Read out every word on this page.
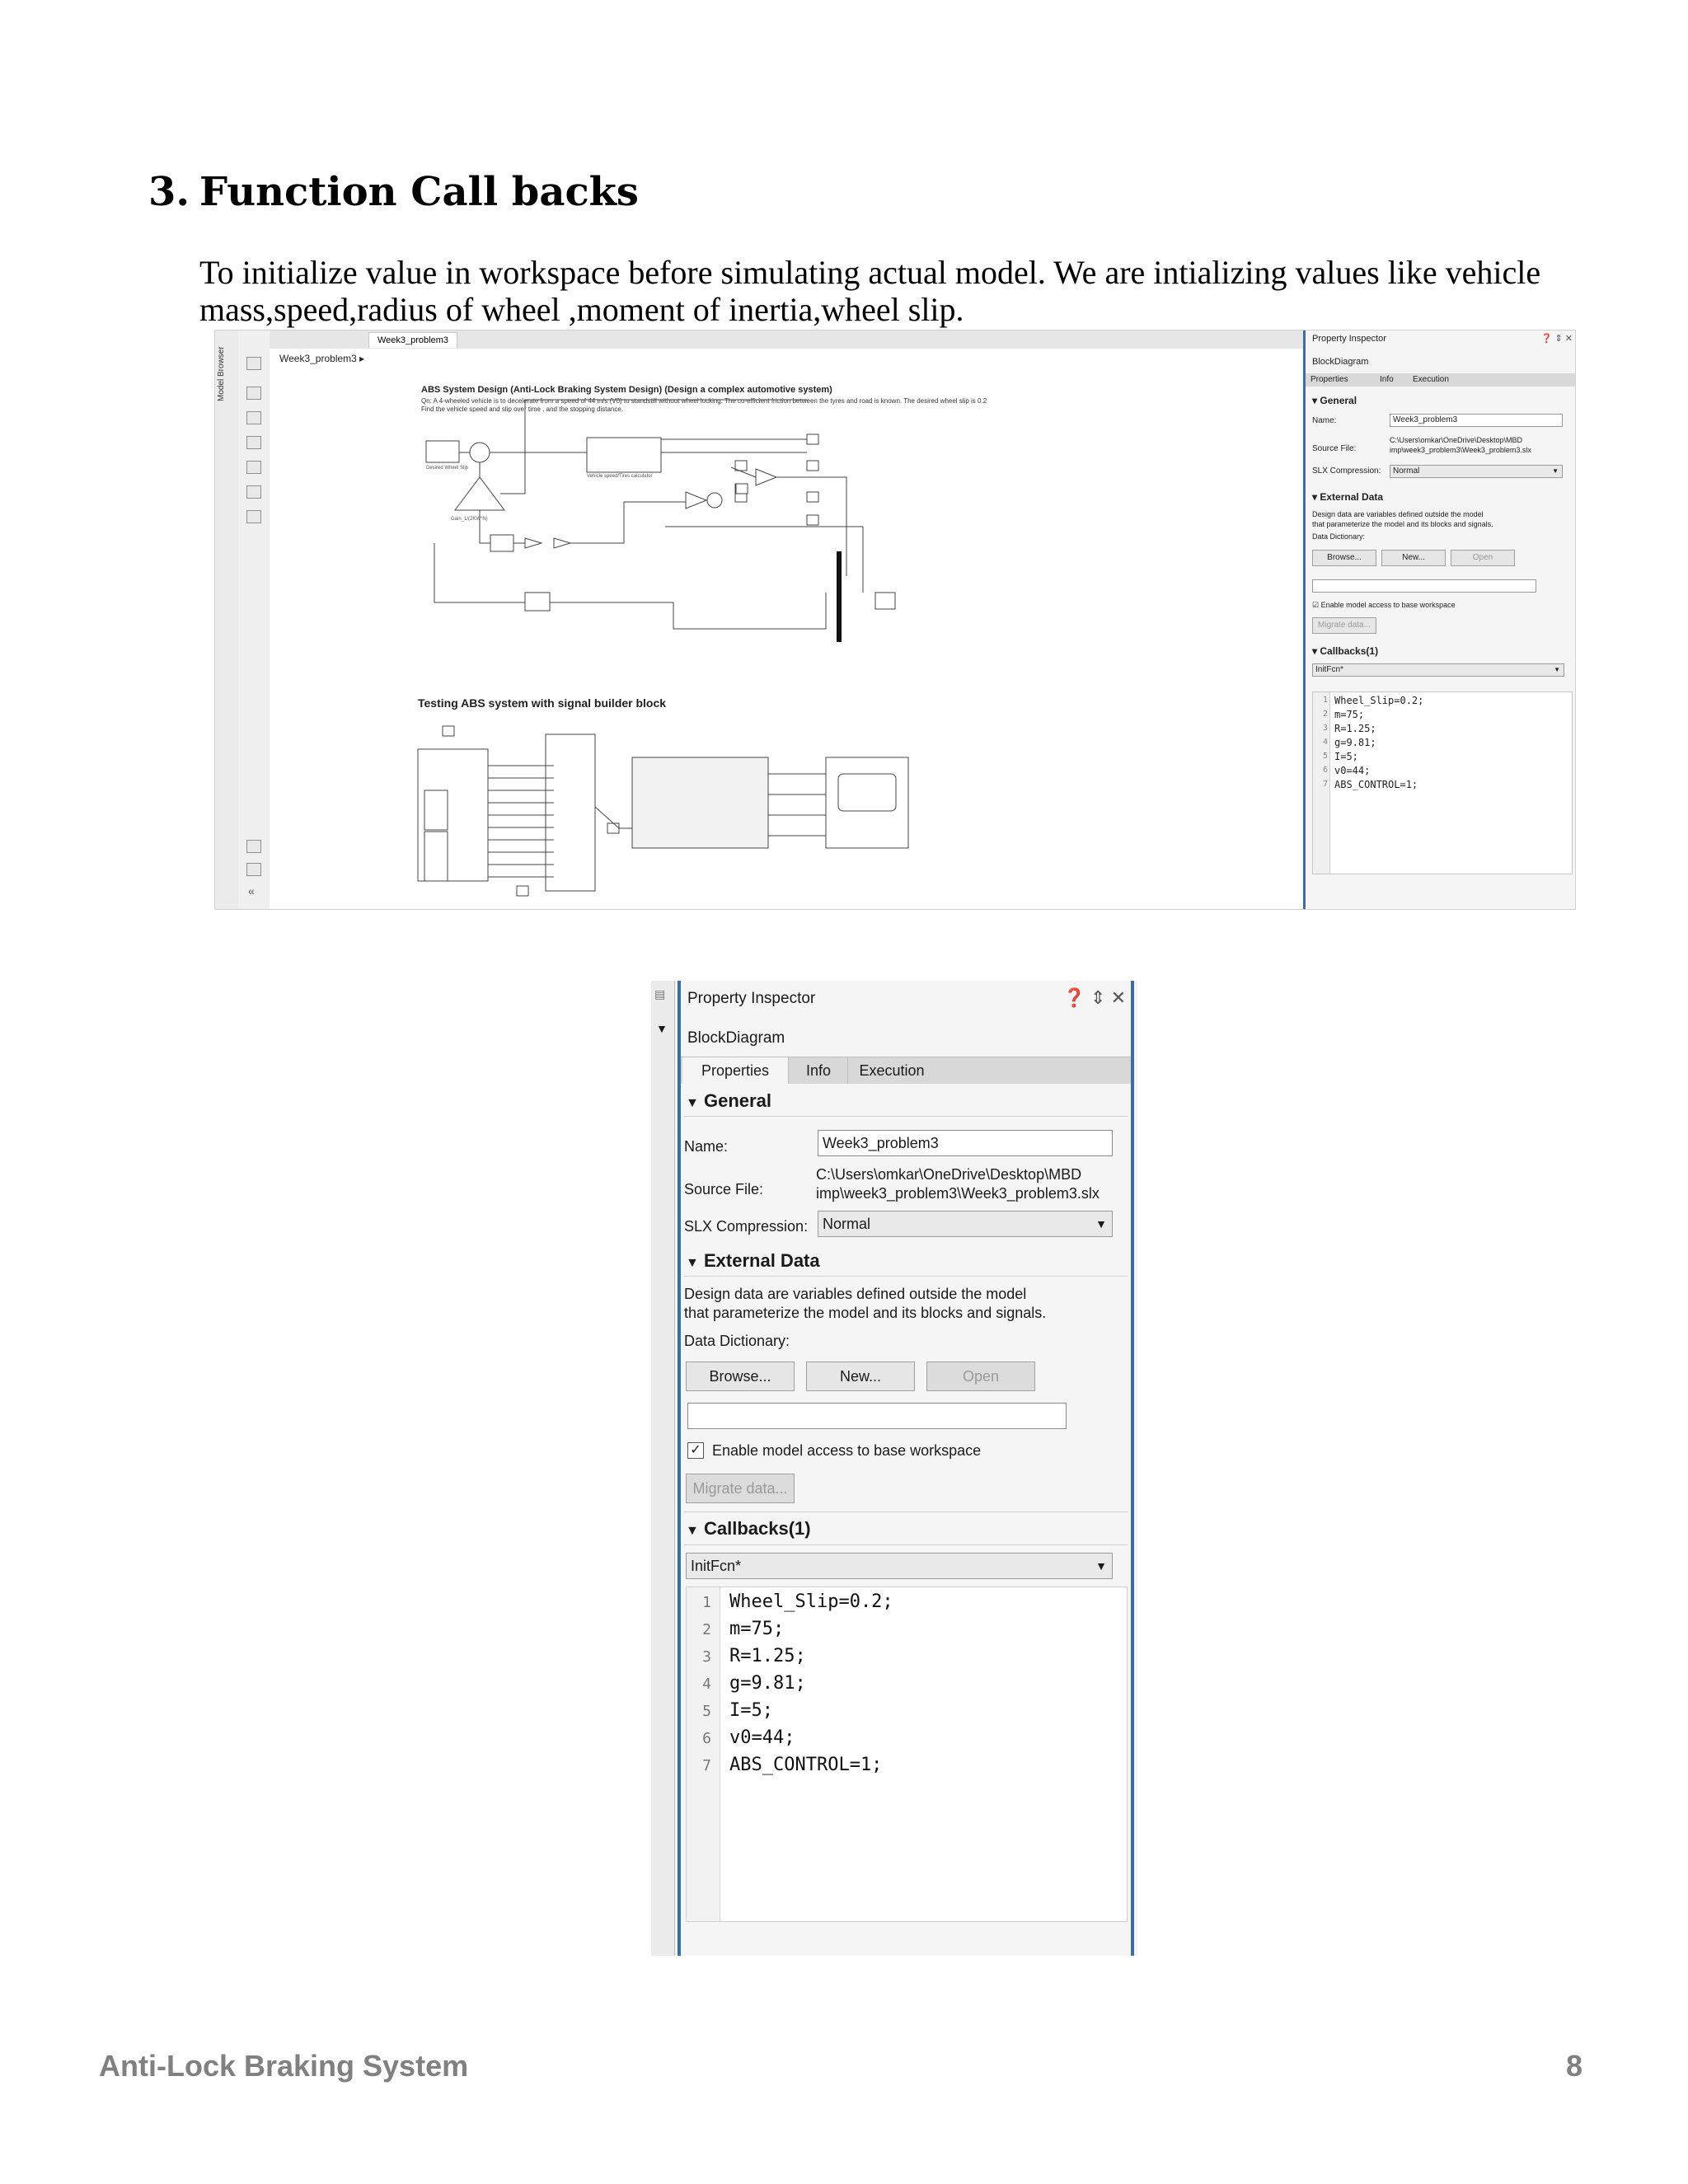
3. Function Call backs
To initialize value in workspace before simulating actual model. We are intializing values like vehicle mass,speed,radius of wheel ,moment of inertia,wheel slip.
Model Browser
«
Week3_problem3
Week3_problem3 ▸
ABS System Design (Anti-Lock Braking System Design) (Design a complex automotive system)
Qn: A 4-wheeled vehicle is to decelerate from a speed of 44 m/s (V0) to standstill without wheel locking. The co-efficient friction between the tyres and road is known. The desired wheel slip is 0.2
Find the vehicle speed and slip over time , and the stopping distance.
Desired Wheel Slip
Vehicle speed/Tires calculator
Gain_1/(2KW*N)
Testing ABS system with signal builder block
Property Inspector	❓ ⇕ ✕
BlockDiagram
Properties	Info Execution
▾ General
Name:	Week3_problem3
Source File:
C:\Users\omkar\OneDrive\Desktop\MBD
imp\week3_problem3\Week3_problem3.slx
SLX Compression:	Normal	▼
▾ External Data
Design data are variables defined outside the model
that parameterize the model and its blocks and signals.
Data Dictionary:
Browse...	New...	Open
☑ Enable model access to base workspace
Migrate data...
▾ Callbacks(1)
InitFcn*	▼
1
2
3
4
5
6
7
Wheel_Slip=0.2;
m=75;
R=1.25;
g=9.81;
I=5;
v0=44;
ABS_CONTROL=1;
▤
▼
Property Inspector	❓ ⇕ ✕
BlockDiagram
Properties	Info	Execution
▼ General
Name:	Week3_problem3
Source File:
C:\Users\omkar\OneDrive\Desktop\MBD
imp\week3_problem3\Week3_problem3.slx
SLX Compression: Normal	▼
▼ External Data
Design data are variables defined outside the model
that parameterize the model and its blocks and signals.
Data Dictionary:
Browse...	New...	Open
✓ Enable model access to base workspace
Migrate data...
▼ Callbacks(1)
InitFcn*	▼
1
2
3
4
5
6
7
Wheel_Slip=0.2;
m=75;
R=1.25;
g=9.81;
I=5;
v0=44;
ABS_CONTROL=1;
Anti-Lock Braking System	8
